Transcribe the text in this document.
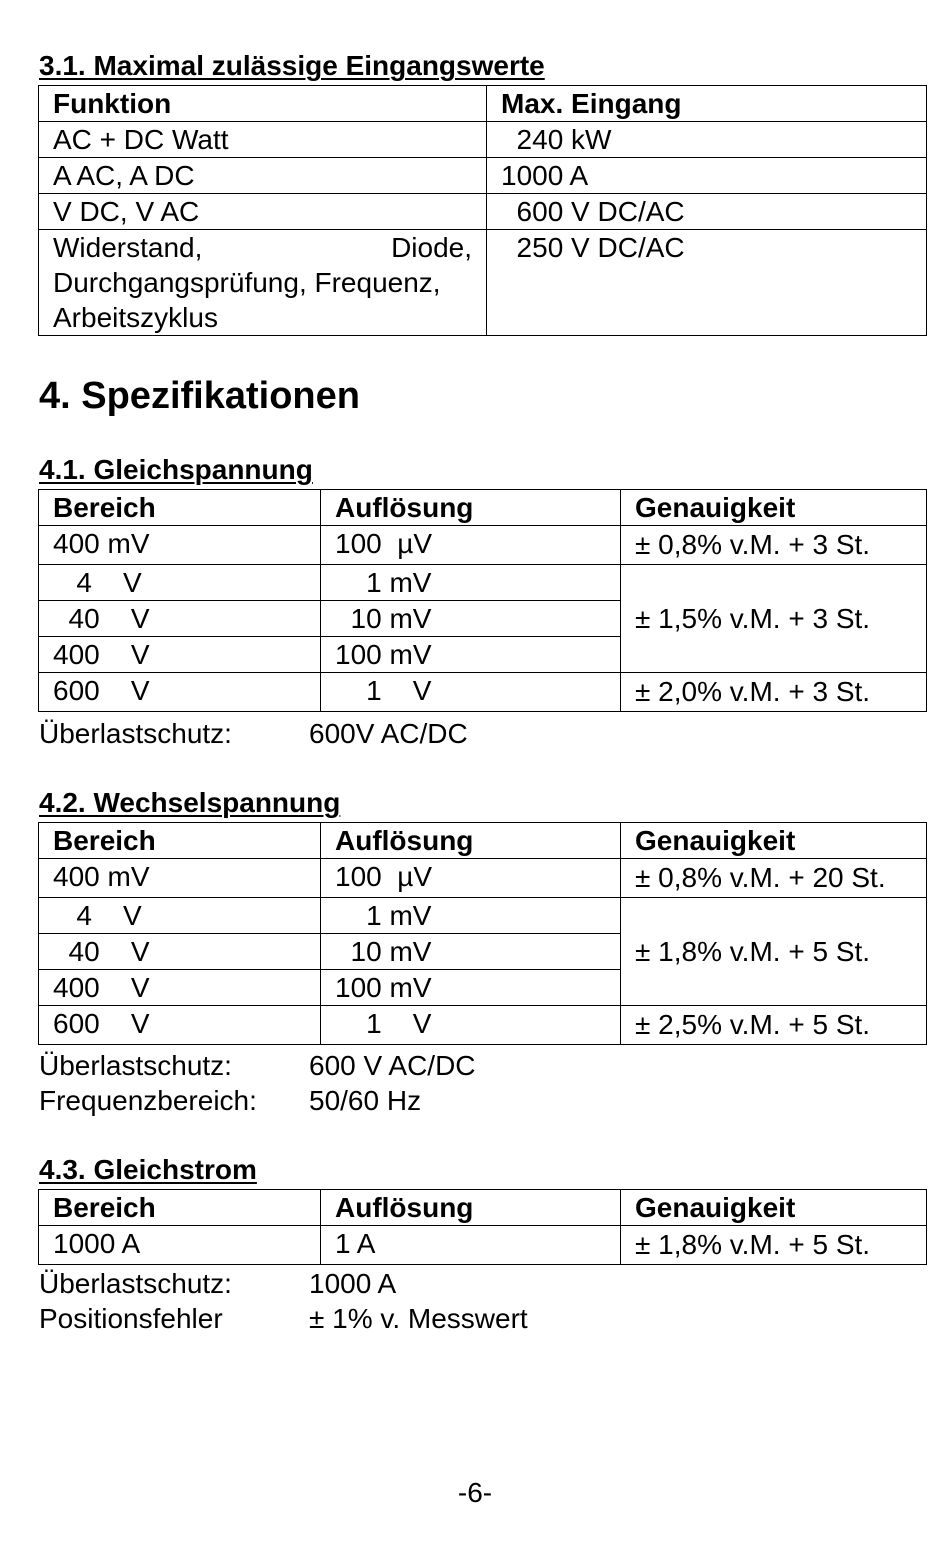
3.1. Maximal zulässige Eingangswerte
Funktion	Max. Eingang
AC + DC Watt	240 kW
A AC, A DC	1000 A
V DC, V AC	600 V DC/AC

Widerstand, Diode,
Durchgangsprüfung, Frequenz,
Arbeitszyklus	250 V DC/AC
4. Spezifikationen
4.1. Gleichspannung
Bereich	Auflösung	Genauigkeit
400 mV	100  µV	± 0,8% v.M. + 3 St.
4    V	1 mV	± 1,5% v.M. + 3 St.
40    V	10 mV	
400    V	100 mV	
600    V	1    V	± 2,0% v.M. + 3 St.
Überlastschutz:	600V AC/DC
4.2. Wechselspannung
Bereich	Auflösung	Genauigkeit
400 mV	100  µV	± 0,8% v.M. + 20 St.
4    V	1 mV	± 1,8% v.M. + 5 St.
40    V	10 mV	
400    V	100 mV	
600    V	1    V	± 2,5% v.M. + 5 St.
Überlastschutz:	600 V AC/DC
Frequenzbereich: 50/60 Hz
4.3. Gleichstrom
Bereich	Auflösung	Genauigkeit
1000 A	1 A	± 1,8% v.M. + 5 St.
Überlastschutz:	1000 A
Positionsfehler	± 1% v. Messwert
-6-
